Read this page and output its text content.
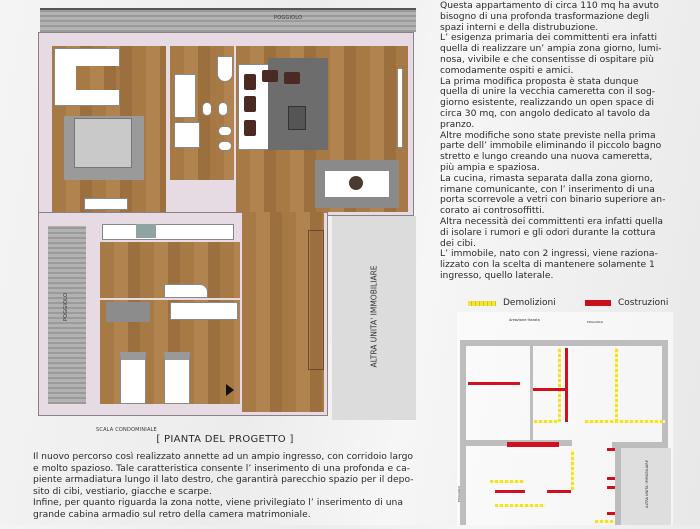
POGGIOLO
POGGIOLO	ALTRA UNITA' IMMOBILIARE
SCALA CONDOMINIALE
[ PIANTA DEL PROGETTO ]
Il nuovo percorso così realizzato annette ad un ampio ingresso, con corridoio largo
e molto spazioso. Tale caratteristica consente l’ inserimento di una profonda e ca-
piente armadiatura lungo il lato destro, che garantirà parecchio spazio per il depo-
sito di cibi, vestiario, giacche e scarpe.
Infine, per quanto riguarda la zona notte, viene privilegiato l’ inserimento di una
grande cabina armadio sul retro della camera matrimoniale.
Questa appartamento di circa 110 mq ha avuto
bisogno di una profonda trasformazione degli
spazi interni e della distrubuzione.
L’ esigenza primaria dei committenti era infatti
quella di realizzare un’ ampia zona giorno, lumi-
nosa, vivibile e che consentisse di ospitare più
comodamente ospiti e amici.
La prima modifica proposta è stata dunque
quella di unire la vecchia cameretta con il sog-
giorno esistente, realizzando un open space di
circa 30 mq, con angolo dedicato al tavolo da
pranzo.
Altre modifiche sono state previste nella prima
parte dell’ immobile eliminando il piccolo bagno
stretto e lungo creando una nuova cameretta,
più ampia e spaziosa.
La cucina, rimasta separata dalla zona giorno,
rimane comunicante, con l’ inserimento di una
porta scorrevole a vetri con binario superiore an-
corato ai controsoffitti.
Altra necessità dei committenti era infatti quella
di isolare i rumori e gli odori durante la cottura
dei cibi.
L’ immobile, nato con 2 ingressi, viene raziona-
lizzato con la scelta di mantenere solamente 1
ingresso, quello laterale.
Demolizioni	Costruzioni
Areazione forzata	POGGIOLO
ALTRA UNITA' IMMOBILIARE
POGGIOLO
